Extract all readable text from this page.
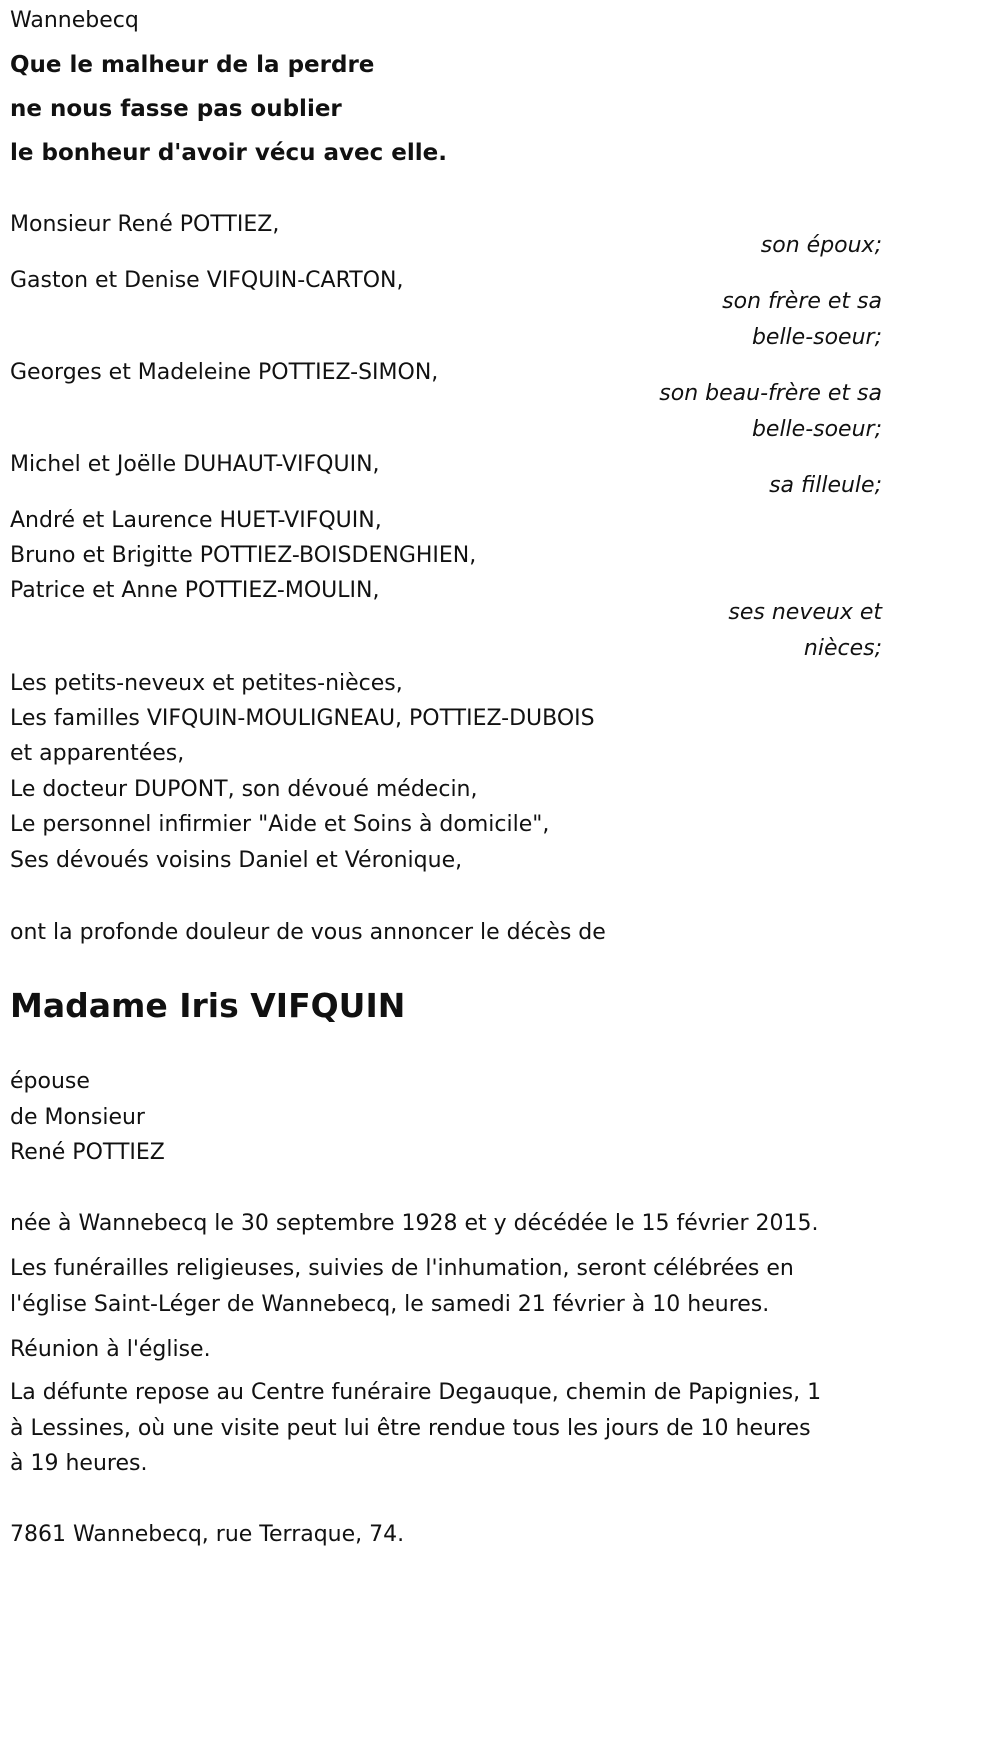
Wannebecq
Que le malheur de la perdre
ne nous fasse pas oublier
le bonheur d'avoir vécu avec elle.
Monsieur René POTTIEZ,
son époux;
Gaston et Denise VIFQUIN-CARTON,
son frère et sa
belle-soeur;
Georges et Madeleine POTTIEZ-SIMON,
son beau-frère et sa
belle-soeur;
Michel et Joëlle DUHAUT-VIFQUIN,
sa filleule;
André et Laurence HUET-VIFQUIN,
Bruno et Brigitte POTTIEZ-BOISDENGHIEN,
Patrice et Anne POTTIEZ-MOULIN,
ses neveux et
nièces;
Les petits-neveux et petites-nièces,
Les familles VIFQUIN-MOULIGNEAU, POTTIEZ-DUBOIS
et apparentées,
Le docteur DUPONT, son dévoué médecin,
Le personnel infirmier "Aide et Soins à domicile",
Ses dévoués voisins Daniel et Véronique,
ont la profonde douleur de vous annoncer le décès de
Madame Iris VIFQUIN
épouse
de Monsieur
René POTTIEZ
née à Wannebecq le 30 septembre 1928 et y décédée le 15 février 2015.
Les funérailles religieuses, suivies de l'inhumation, seront célébrées en
l'église Saint-Léger de Wannebecq, le samedi 21 février à 10 heures.
Réunion à l'église.
La défunte repose au Centre funéraire Degauque, chemin de Papignies, 1
à Lessines, où une visite peut lui être rendue tous les jours de 10 heures
à 19 heures.
7861 Wannebecq, rue Terraque, 74.
